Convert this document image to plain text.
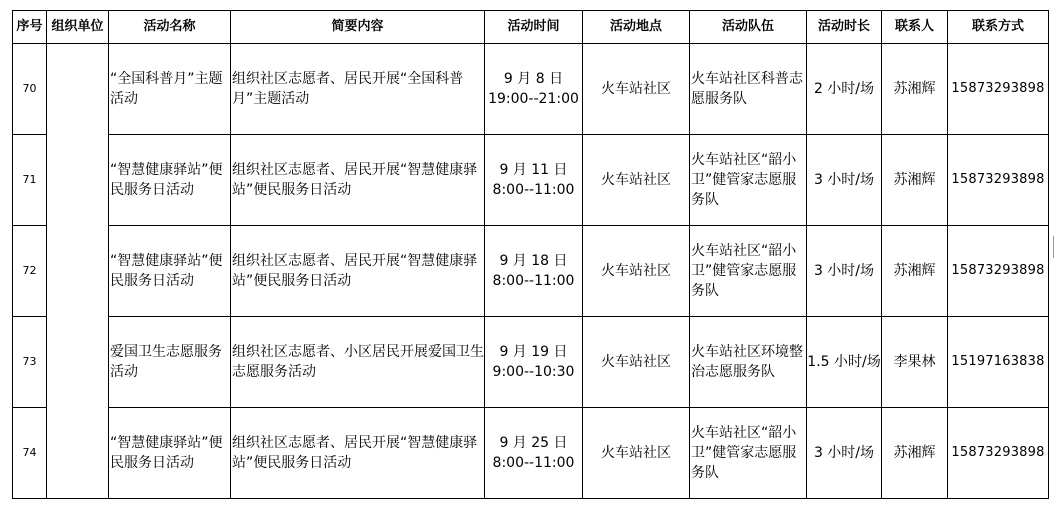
序号	组织单位	活动名称	简要内容	活动时间	活动地点	活动队伍	活动时长	联系人	联系方式
70		“全国科普月”主题活动	组织社区志愿者、居民开展“全国科普月”主题活动	9 月 8 日
19:00--21:00	火车站社区	火车站社区科普志愿服务队	2 小时/场	苏湘辉	15873293898
71		“智慧健康驿站”便民服务日活动	组织社区志愿者、居民开展“智慧健康驿站”便民服务日活动	9 月 11 日
8:00--11:00	火车站社区	火车站社区“韶小卫”健管家志愿服务队	3 小时/场	苏湘辉	15873293898
72		“智慧健康驿站”便民服务日活动	组织社区志愿者、居民开展“智慧健康驿站”便民服务日活动	9 月 18 日
8:00--11:00	火车站社区	火车站社区“韶小卫”健管家志愿服务队	3 小时/场	苏湘辉	15873293898
73		爱国卫生志愿服务活动	组织社区志愿者、小区居民开展爱国卫生志愿服务活动	9 月 19 日
9:00--10:30	火车站社区	火车站社区环境整治志愿服务队	1.5 小时/场	李果林	15197163838
74		“智慧健康驿站”便民服务日活动	组织社区志愿者、居民开展“智慧健康驿站”便民服务日活动	9 月 25 日
8:00--11:00	火车站社区	火车站社区“韶小卫”健管家志愿服务队	3 小时/场	苏湘辉	15873293898
